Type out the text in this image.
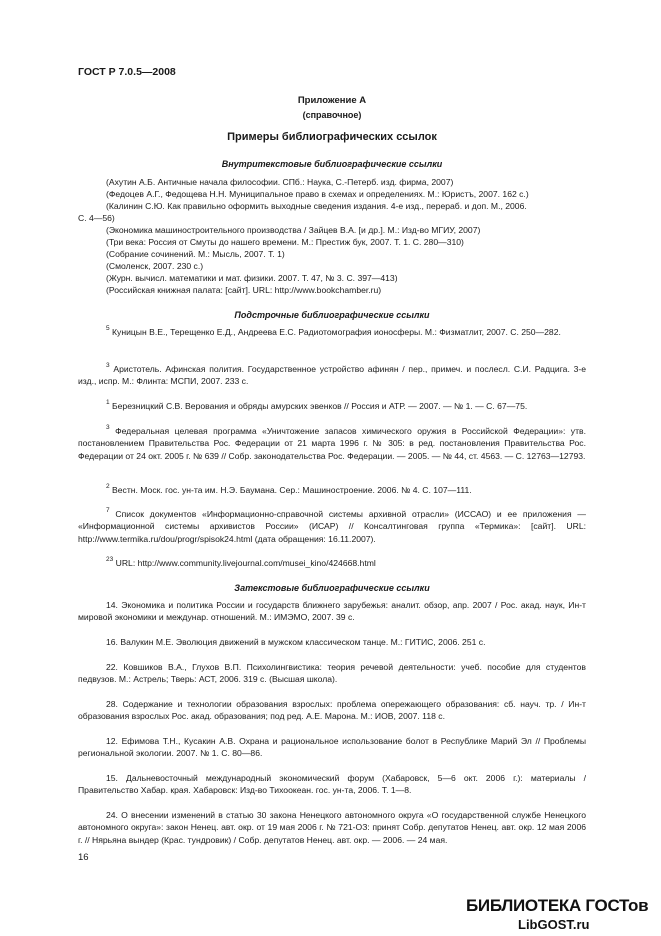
ГОСТ Р 7.0.5—2008
Приложение А
(справочное)
Примеры библиографических ссылок
Внутритекстовые библиографические ссылки
(Ахутин А.Б. Античные начала философии. СПб.: Наука, С.-Петерб. изд. фирма, 2007)
(Федоцев А.Г., Федощева Н.Н. Муниципальное право в схемах и определениях. М.: Юристъ, 2007. 162 с.)
(Калинин С.Ю. Как правильно оформить выходные сведения издания. 4-е изд., перераб. и доп. М., 2006.
С. 4—56)
(Экономика машиностроительного производства / Зайцев В.А. [и др.]. М.: Изд-во МГИУ, 2007)
(Три века: Россия от Смуты до нашего времени. М.: Престиж бук, 2007. Т. 1. С. 280—310)
(Собрание сочинений. М.: Мысль, 2007. Т. 1)
(Смоленск, 2007. 230 с.)
(Журн. вычисл. математики и мат. физики. 2007. Т. 47, № 3. С. 397—413)
(Российская книжная палата: [сайт]. URL: http://www.bookchamber.ru)
Подстрочные библиографические ссылки
$^5$ Куницын В.Е., Терещенко Е.Д., Андреева Е.С. Радиотомография ионосферы. М.: Физматлит, 2007. С. 250—282.
$^3$ Аристотель. Афинская полития. Государственное устройство афинян / пер., примеч. и послесл. С.И. Радцига. 3-е изд., испр. М.: Флинта: МСПИ, 2007. 233 с.
$^1$ Березницкий С.В. Верования и обряды амурских эвенков // Россия и АТР. — 2007. — № 1. — С. 67—75.
$^3$ Федеральная целевая программа «Уничтожение запасов химического оружия в Российской Федерации»: утв. постановлением Правительства Рос. Федерации от 21 марта 1996 г. № 305: в ред. постановления Правительства Рос. Федерации от 24 окт. 2005 г. № 639 // Собр. законодательства Рос. Федерации. — 2005. — № 44, ст. 4563. — С. 12763—12793.
$^2$ Вестн. Моск. гос. ун-та им. Н.Э. Баумана. Сер.: Машиностроение. 2006. № 4. С. 107—111.
$^7$ Список документов «Информационно-справочной системы архивной отрасли» (ИССАО) и ее приложения — «Информационной системы архивистов России» (ИСАР) // Консалтинговая группа «Термика»: [сайт]. URL: http://www.termika.ru/dou/progr/spisok24.html (дата обращения: 16.11.2007).
$^{23}$ URL: http://www.community.livejournal.com/musei_kino/424668.html
Затекстовые библиографические ссылки
14. Экономика и политика России и государств ближнего зарубежья: аналит. обзор, апр. 2007 / Рос. акад. наук, Ин-т мировой экономики и междунар. отношений. М.: ИМЭМО, 2007. 39 с.
16. Валукин М.Е. Эволюция движений в мужском классическом танце. М.: ГИТИС, 2006. 251 с.
22. Ковшиков В.А., Глухов В.П. Психолингвистика: теория речевой деятельности: учеб. пособие для студентов педвузов. М.: Астрель; Тверь: АСТ, 2006. 319 с. (Высшая школа).
28. Содержание и технологии образования взрослых: проблема опережающего образования: сб. науч. тр. / Ин-т образования взрослых Рос. акад. образования; под ред. А.Е. Марона. М.: ИОВ, 2007. 118 с.
12. Ефимова Т.Н., Кусакин А.В. Охрана и рациональное использование болот в Республике Марий Эл // Проблемы региональной экологии. 2007. № 1. С. 80—86.
15. Дальневосточный международный экономический форум (Хабаровск, 5—6 окт. 2006 г.): материалы / Правительство Хабар. края. Хабаровск: Изд-во Тихоокеан. гос. ун-та, 2006. Т. 1—8.
24. О внесении изменений в статью 30 закона Ненецкого автономного округа «О государственной службе Ненецкого автономного округа»: закон Ненец. авт. окр. от 19 мая 2006 г. № 721-ОЗ: принят Собр. депутатов Ненец. авт. окр. 12 мая 2006 г. // Нярьяна вындер (Крас. тундровик) / Собр. депутатов Ненец. авт. окр. — 2006. — 24 мая.
16
БИБЛИОТЕКА ГОСТов
LibGOST.ru
